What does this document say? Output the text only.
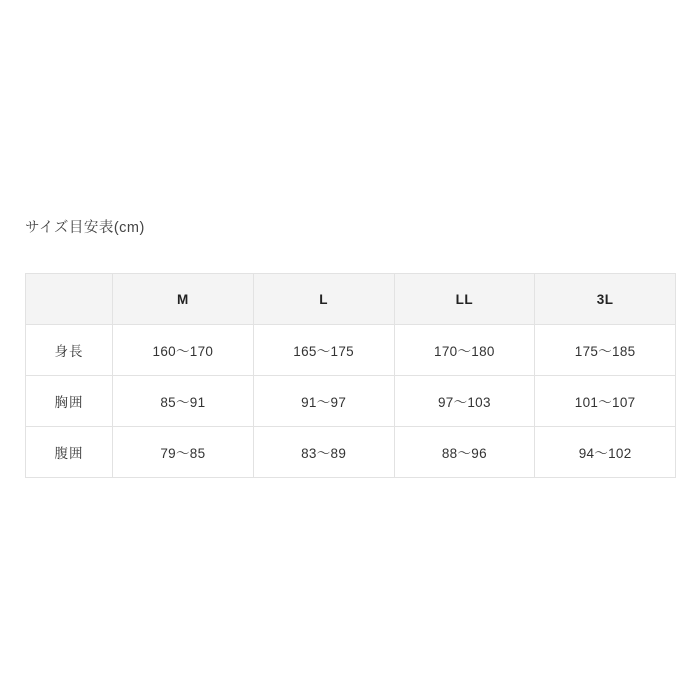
サイズ目安表(cm)
	M	L	LL	3L
身長	160〜170	165〜175	170〜180	175〜185
胸囲	85〜91	91〜97	97〜103	101〜107
腹囲	79〜85	83〜89	88〜96	94〜102
